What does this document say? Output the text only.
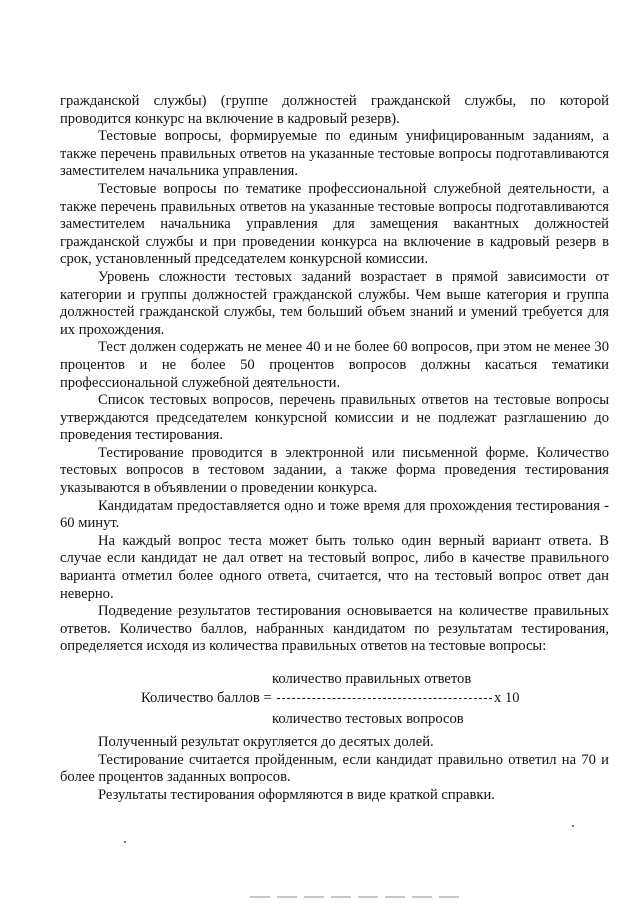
гражданской службы) (группе должностей гражданской службы, по которой проводится конкурс на включение в кадровый резерв).

Тестовые вопросы, формируемые по единым унифицированным заданиям, а также перечень правильных ответов на указанные тестовые вопросы подготавливаются заместителем начальника управления.

Тестовые вопросы по тематике профессиональной служебной деятельности, а также перечень правильных ответов на указанные тестовые вопросы подготавливаются заместителем начальника управления для замещения вакантных должностей гражданской службы и при проведении конкурса на включение в кадровый резерв в срок, установленный председателем конкурсной комиссии.

Уровень сложности тестовых заданий возрастает в прямой зависимости от категории и группы должностей гражданской службы. Чем выше категория и группа должностей гражданской службы, тем больший объем знаний и умений требуется для их прохождения.

Тест должен содержать не менее 40 и не более 60 вопросов, при этом не менее 30 процентов и не более 50 процентов вопросов должны касаться тематики профессиональной служебной деятельности.

Список тестовых вопросов, перечень правильных ответов на тестовые вопросы утверждаются председателем конкурсной комиссии и не подлежат разглашению до проведения тестирования.

Тестирование проводится в электронной или письменной форме. Количество тестовых вопросов в тестовом задании, а также форма проведения тестирования указываются в объявлении о проведении конкурса.

Кандидатам предоставляется одно и тоже время для прохождения тестирования - 60 минут.

На каждый вопрос теста может быть только один верный вариант ответа. В случае если кандидат не дал ответ на тестовый вопрос, либо в качестве правильного варианта отметил более одного ответа, считается, что на тестовый вопрос ответ дан неверно.

Подведение результатов тестирования основывается на количестве правильных ответов. Количество баллов, набранных кандидатом по результатам тестирования, определяется исходя из количества правильных ответов на тестовые вопросы:

количество правильных ответов
Количество баллов =	x 10
количество тестовых вопросов

Полученный результат округляется до десятых долей.

Тестирование считается пройденным, если кандидат правильно ответил на 70 и более процентов заданных вопросов.

Результаты тестирования оформляются в виде краткой справки.
